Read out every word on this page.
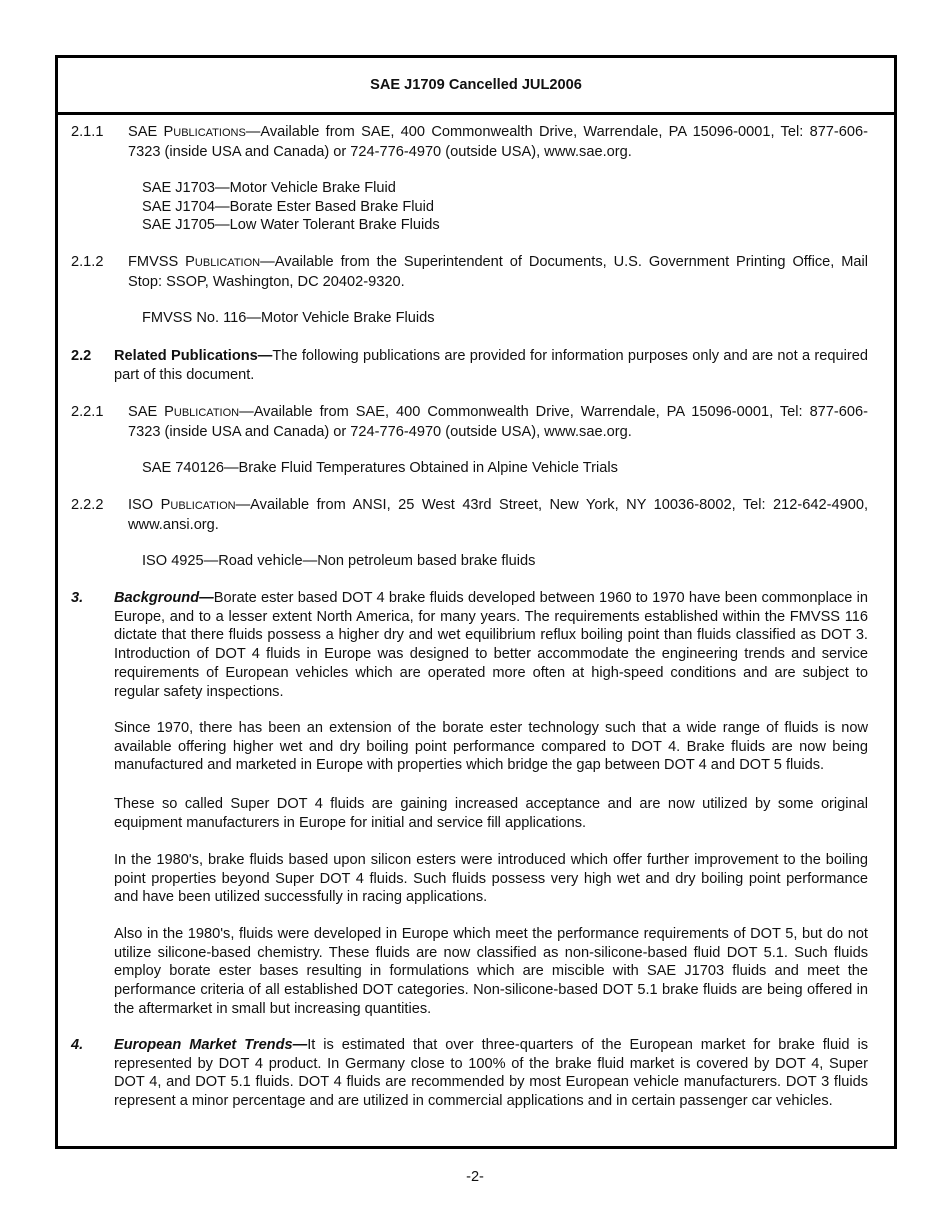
SAE J1709 Cancelled JUL2006
2.1.1 SAE PUBLICATIONS—Available from SAE, 400 Commonwealth Drive, Warrendale, PA 15096-0001, Tel: 877-606-7323 (inside USA and Canada) or 724-776-4970 (outside USA), www.sae.org.
SAE J1703—Motor Vehicle Brake Fluid
SAE J1704—Borate Ester Based Brake Fluid
SAE J1705—Low Water Tolerant Brake Fluids
2.1.2 FMVSS PUBLICATION—Available from the Superintendent of Documents, U.S. Government Printing Office, Mail Stop: SSOP, Washington, DC 20402-9320.
FMVSS No. 116—Motor Vehicle Brake Fluids
2.2 Related Publications—The following publications are provided for information purposes only and are not a required part of this document.
2.2.1 SAE PUBLICATION—Available from SAE, 400 Commonwealth Drive, Warrendale, PA 15096-0001, Tel: 877-606-7323 (inside USA and Canada) or 724-776-4970 (outside USA), www.sae.org.
SAE 740126—Brake Fluid Temperatures Obtained in Alpine Vehicle Trials
2.2.2 ISO PUBLICATION—Available from ANSI, 25 West 43rd Street, New York, NY 10036-8002, Tel: 212-642-4900, www.ansi.org.
ISO 4925—Road vehicle—Non petroleum based brake fluids
3. Background—Borate ester based DOT 4 brake fluids developed between 1960 to 1970 have been commonplace in Europe, and to a lesser extent North America, for many years. The requirements established within the FMVSS 116 dictate that there fluids possess a higher dry and wet equilibrium reflux boiling point than fluids classified as DOT 3. Introduction of DOT 4 fluids in Europe was designed to better accommodate the engineering trends and service requirements of European vehicles which are operated more often at high-speed conditions and are subject to regular safety inspections.
Since 1970, there has been an extension of the borate ester technology such that a wide range of fluids is now available offering higher wet and dry boiling point performance compared to DOT 4. Brake fluids are now being manufactured and marketed in Europe with properties which bridge the gap between DOT 4 and DOT 5 fluids.
These so called Super DOT 4 fluids are gaining increased acceptance and are now utilized by some original equipment manufacturers in Europe for initial and service fill applications.
In the 1980's, brake fluids based upon silicon esters were introduced which offer further improvement to the boiling point properties beyond Super DOT 4 fluids. Such fluids possess very high wet and dry boiling point performance and have been utilized successfully in racing applications.
Also in the 1980's, fluids were developed in Europe which meet the performance requirements of DOT 5, but do not utilize silicone-based chemistry. These fluids are now classified as non-silicone-based fluid DOT 5.1. Such fluids employ borate ester bases resulting in formulations which are miscible with SAE J1703 fluids and meet the performance criteria of all established DOT categories. Non-silicone-based DOT 5.1 brake fluids are being offered in the aftermarket in small but increasing quantities.
4. European Market Trends—It is estimated that over three-quarters of the European market for brake fluid is represented by DOT 4 product. In Germany close to 100% of the brake fluid market is covered by DOT 4, Super DOT 4, and DOT 5.1 fluids. DOT 4 fluids are recommended by most European vehicle manufacturers. DOT 3 fluids represent a minor percentage and are utilized in commercial applications and in certain passenger car vehicles.
-2-
